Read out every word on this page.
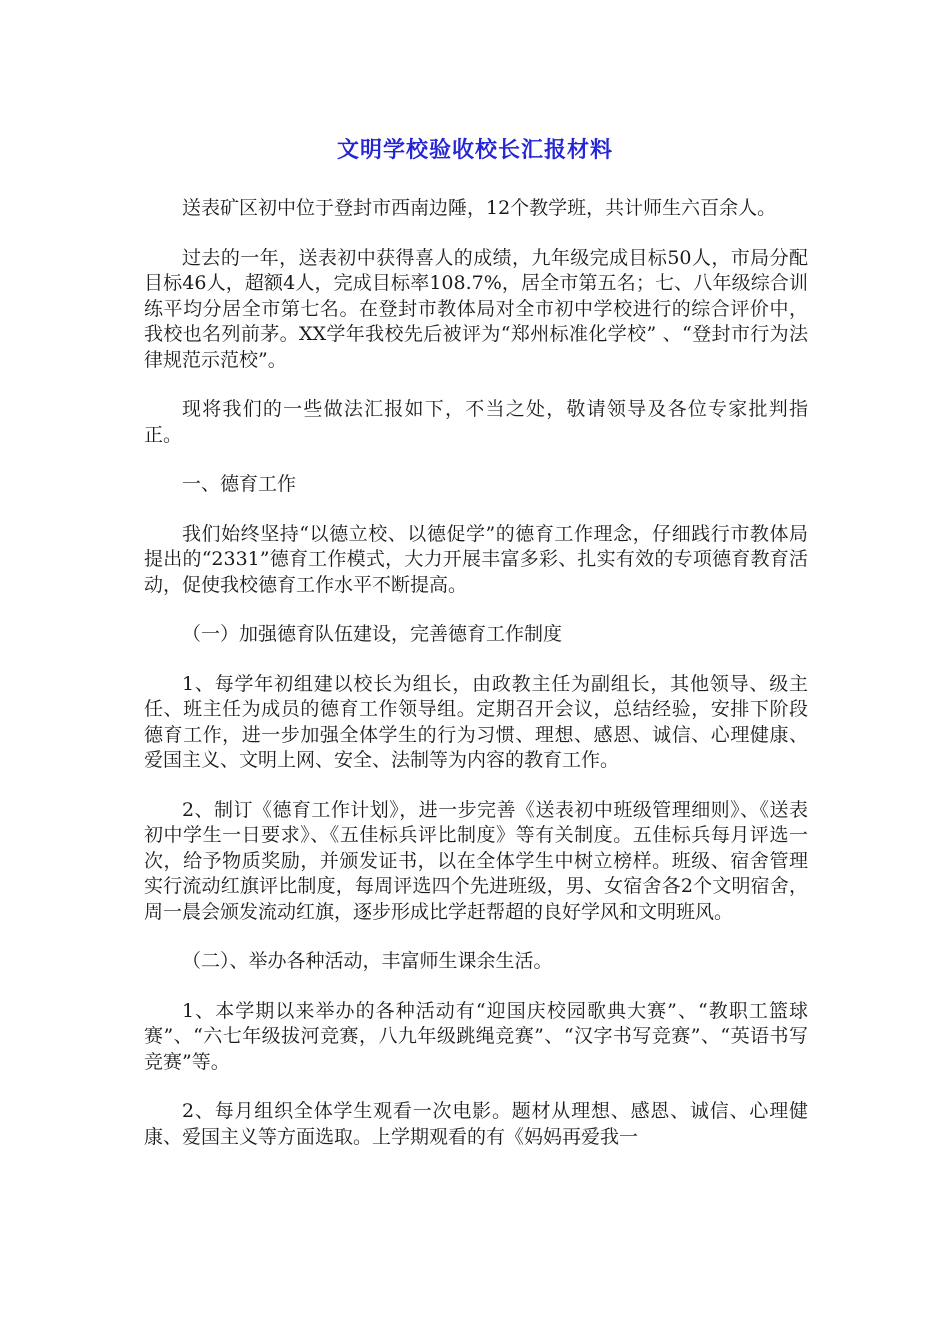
文明学校验收校长汇报材料

送表矿区初中位于登封市西南边陲，12个教学班，共计师生六百余人。

过去的一年，送表初中获得喜人的成绩，九年级完成目标50人，市局分配目标46人，超额4人，完成目标率108.7%，居全市第五名；七、八年级综合训练平均分居全市第七名。在登封市教体局对全市初中学校进行的综合评价中，我校也名列前茅。XX学年我校先后被评为“郑州标准化学校” 、“登封市行为法律规范示范校”。

现将我们的一些做法汇报如下，不当之处，敬请领导及各位专家批判指正。

一、德育工作

我们始终坚持“以德立校、以德促学”的德育工作理念，仔细践行市教体局提出的“2331”德育工作模式，大力开展丰富多彩、扎实有效的专项德育教育活动，促使我校德育工作水平不断提高。

（一）加强德育队伍建设，完善德育工作制度

1、每学年初组建以校长为组长，由政教主任为副组长，其他领导、级主任、班主任为成员的德育工作领导组。定期召开会议，总结经验，安排下阶段德育工作，进一步加强全体学生的行为习惯、理想、感恩、诚信、心理健康、爱国主义、文明上网、安全、法制等为内容的教育工作。

2、制订《德育工作计划》，进一步完善《送表初中班级管理细则》、《送表初中学生一日要求》、《五佳标兵评比制度》等有关制度。五佳标兵每月评选一次，给予物质奖励，并颁发证书，以在全体学生中树立榜样。班级、宿舍管理实行流动红旗评比制度，每周评选四个先进班级，男、女宿舍各2个文明宿舍，周一晨会颁发流动红旗，逐步形成比学赶帮超的良好学风和文明班风。

（二）、举办各种活动，丰富师生课余生活。

1、本学期以来举办的各种活动有“迎国庆校园歌典大赛”、“教职工篮球赛”、“六七年级拔河竞赛，八九年级跳绳竞赛”、“汉字书写竞赛”、“英语书写竞赛”等。

2、每月组织全体学生观看一次电影。题材从理想、感恩、诚信、心理健康、爱国主义等方面选取。上学期观看的有《妈妈再爱我一
